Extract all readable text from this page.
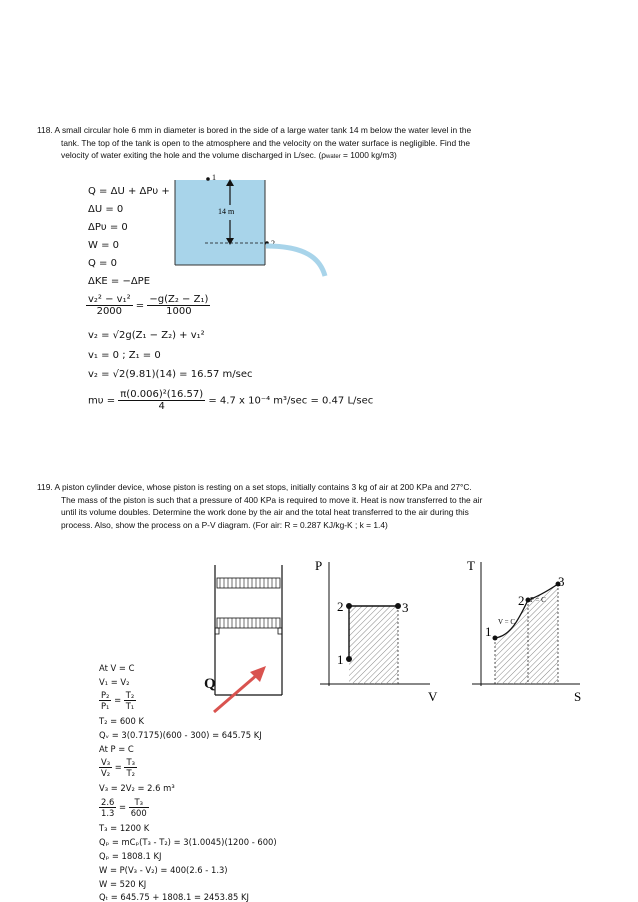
118. A small circular hole 6 mm in diameter is bored in the side of a large water tank 14 m below the water level in the
tank. The top of the tank is open to the atmosphere and the velocity on the water surface is negligible. Find the
velocity of water exiting the hole and the volume discharged in L/sec. (ρwater = 1000 kg/m3)
Q = ΔU + ΔPυ +
ΔU = 0
ΔPυ = 0
W = 0
Q = 0
ΔKE = −ΔPE
$\frac{\text{v₂² − v₁²}}{2000} = \frac{\text{−g(Z₂ − Z₁)}}{1000}$
v₂ = √2g(Z₁ − Z₂) + v₁²
v₁ = 0 ; Z₁ = 0
v₂ = √2(9.81)(14) = 16.57 m/sec
$m\upsilon = \frac{\text{π(0.006)²(16.57)}}{4} = 4.7$ x 10⁻⁴ m³/sec = 0.47 L/sec
1
14 m
2
119. A piston cylinder device, whose piston is resting on a set stops, initially contains 3 kg of air at 200 KPa and 27°C.
The mass of the piston is such that a pressure of 400 KPa is required to move it. Heat is now transferred to the air
until its volume doubles. Determine the work done by the air and the total heat transferred to the air during this
process. Also, show the process on a P-V diagram. (For air: R = 0.287 KJ/kg-K ; k = 1.4)
Q
P
V
1
2	3
T
S
1
2
3
P = C
V = C
At V = C
V₁ = V₂
$\frac{\text{P₂}}{\text{P₁}} = \frac{\text{T₂}}{\text{T₁}}$
T₂ = 600 K
Qᵥ = 3(0.7175)(600 - 300) = 645.75 KJ
At P = C
$\frac{\text{V₃}}{\text{V₂}} = \frac{\text{T₃}}{\text{T₂}}$
V₃ = 2V₂ = 2.6 m³
$\frac{2.6}{1.3} = \frac{\text{T₃}}{600}$
T₃ = 1200 K
Qₚ = mCₚ(T₃ - T₂) = 3(1.0045)(1200 - 600)
Qₚ = 1808.1 KJ
W = P(V₃ - V₂) = 400(2.6 - 1.3)
W = 520 KJ
Qₜ = 645.75 + 1808.1 = 2453.85 KJ
